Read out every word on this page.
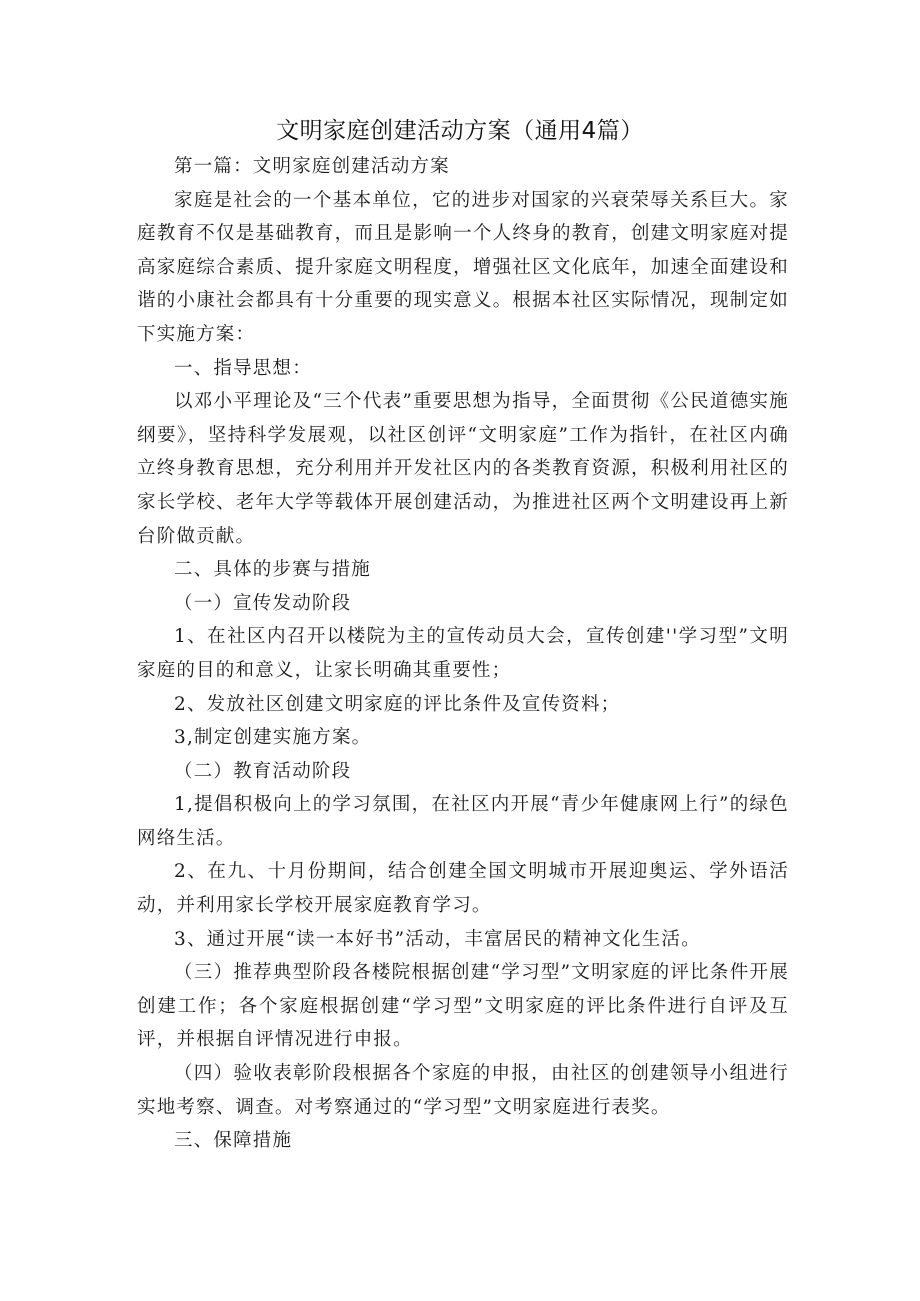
文明家庭创建活动方案（通用4篇）

第一篇：文明家庭创建活动方案

家庭是社会的一个基本单位，它的进步对国家的兴衰荣辱关系巨大。家庭教育不仅是基础教育，而且是影响一个人终身的教育，创建文明家庭对提高家庭综合素质、提升家庭文明程度，增强社区文化底年，加速全面建设和谐的小康社会都具有十分重要的现实意义。根据本社区实际情况，现制定如下实施方案：

一、指导思想：

以邓小平理论及“三个代表”重要思想为指导，全面贯彻《公民道德实施纲要》，坚持科学发展观，以社区创评“文明家庭”工作为指针，在社区内确立终身教育思想，充分利用并开发社区内的各类教育资源，积极利用社区的家长学校、老年大学等载体开展创建活动，为推进社区两个文明建设再上新台阶做贡献。

二、具体的步赛与措施

（一）宣传发动阶段

1、在社区内召开以楼院为主的宣传动员大会，宣传创建''学习型”文明家庭的目的和意义，让家长明确其重要性；

2、发放社区创建文明家庭的评比条件及宣传资料；

3,制定创建实施方案。

（二）教育活动阶段

1,提倡积极向上的学习氛围，在社区内开展“青少年健康网上行”的绿色网络生活。

2、在九、十月份期间，结合创建全国文明城市开展迎奥运、学外语活动，并利用家长学校开展家庭教育学习。

3、通过开展“读一本好书”活动，丰富居民的精神文化生活。

（三）推荐典型阶段各楼院根据创建“学习型”文明家庭的评比条件开展创建工作；各个家庭根据创建“学习型”文明家庭的评比条件进行自评及互评，并根据自评情况进行申报。

（四）验收表彰阶段根据各个家庭的申报，由社区的创建领导小组进行实地考察、调查。对考察通过的“学习型”文明家庭进行表奖。

三、保障措施
